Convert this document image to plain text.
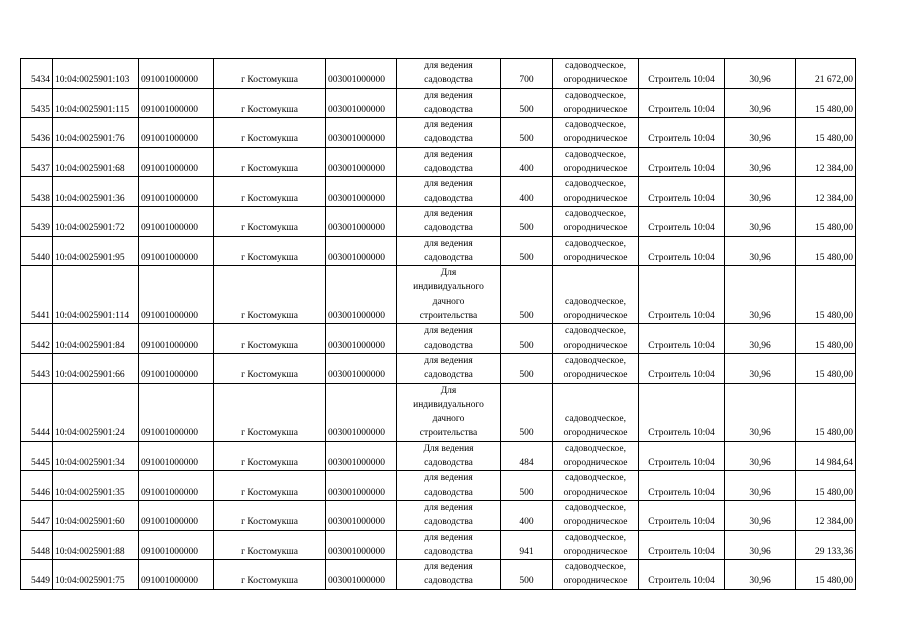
5434	10:04:0025901:103	091001000000	г Костомукша	003001000000	для ведения
садоводства	700	садоводческое,
огородническое	Строитель 10:04	30,96	21 672,00
5435	10:04:0025901:115	091001000000	г Костомукша	003001000000	для ведения
садоводства	500	садоводческое,
огородническое	Строитель 10:04	30,96	15 480,00
5436	10:04:0025901:76	091001000000	г Костомукша	003001000000	для ведения
садоводства	500	садоводческое,
огородническое	Строитель 10:04	30,96	15 480,00
5437	10:04:0025901:68	091001000000	г Костомукша	003001000000	для ведения
садоводства	400	садоводческое,
огородническое	Строитель 10:04	30,96	12 384,00
5438	10:04:0025901:36	091001000000	г Костомукша	003001000000	для ведения
садоводства	400	садоводческое,
огородническое	Строитель 10:04	30,96	12 384,00
5439	10:04:0025901:72	091001000000	г Костомукша	003001000000	для ведения
садоводства	500	садоводческое,
огородническое	Строитель 10:04	30,96	15 480,00
5440	10:04:0025901:95	091001000000	г Костомукша	003001000000	для ведения
садоводства	500	садоводческое,
огородническое	Строитель 10:04	30,96	15 480,00
5441	10:04:0025901:114	091001000000	г Костомукша	003001000000	Для
индивидуального
дачного
строительства	500	садоводческое,
огородническое	Строитель 10:04	30,96	15 480,00
5442	10:04:0025901:84	091001000000	г Костомукша	003001000000	для ведения
садоводства	500	садоводческое,
огородническое	Строитель 10:04	30,96	15 480,00
5443	10:04:0025901:66	091001000000	г Костомукша	003001000000	для ведения
садоводства	500	садоводческое,
огородническое	Строитель 10:04	30,96	15 480,00
5444	10:04:0025901:24	091001000000	г Костомукша	003001000000	Для
индивидуального
дачного
строительства	500	садоводческое,
огородническое	Строитель 10:04	30,96	15 480,00
5445	10:04:0025901:34	091001000000	г Костомукша	003001000000	Для ведения
садоводства	484	садоводческое,
огородническое	Строитель 10:04	30,96	14 984,64
5446	10:04:0025901:35	091001000000	г Костомукша	003001000000	для ведения
садоводства	500	садоводческое,
огородническое	Строитель 10:04	30,96	15 480,00
5447	10:04:0025901:60	091001000000	г Костомукша	003001000000	для ведения
садоводства	400	садоводческое,
огородническое	Строитель 10:04	30,96	12 384,00
5448	10:04:0025901:88	091001000000	г Костомукша	003001000000	для ведения
садоводства	941	садоводческое,
огородническое	Строитель 10:04	30,96	29 133,36
5449	10:04:0025901:75	091001000000	г Костомукша	003001000000	для ведения
садоводства	500	садоводческое,
огородническое	Строитель 10:04	30,96	15 480,00
